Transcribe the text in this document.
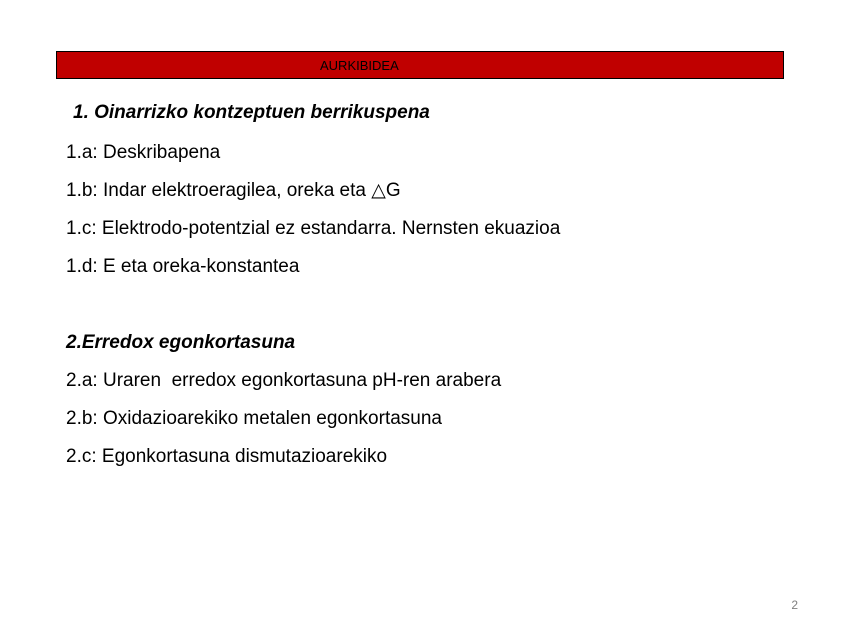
AURKIBIDEA
1. Oinarrizko kontzeptuen berrikuspena
1.a: Deskribapena
1.b: Indar elektroeragilea, oreka eta △G
1.c: Elektrodo-potentzial ez estandarra. Nernsten ekuazioa
1.d: E eta oreka-konstantea
2.Erredox egonkortasuna
2.a: Uraren  erredox egonkortasuna pH-ren arabera
2.b: Oxidazioarekiko metalen egonkortasuna
2.c: Egonkortasuna dismutazioarekiko
2
